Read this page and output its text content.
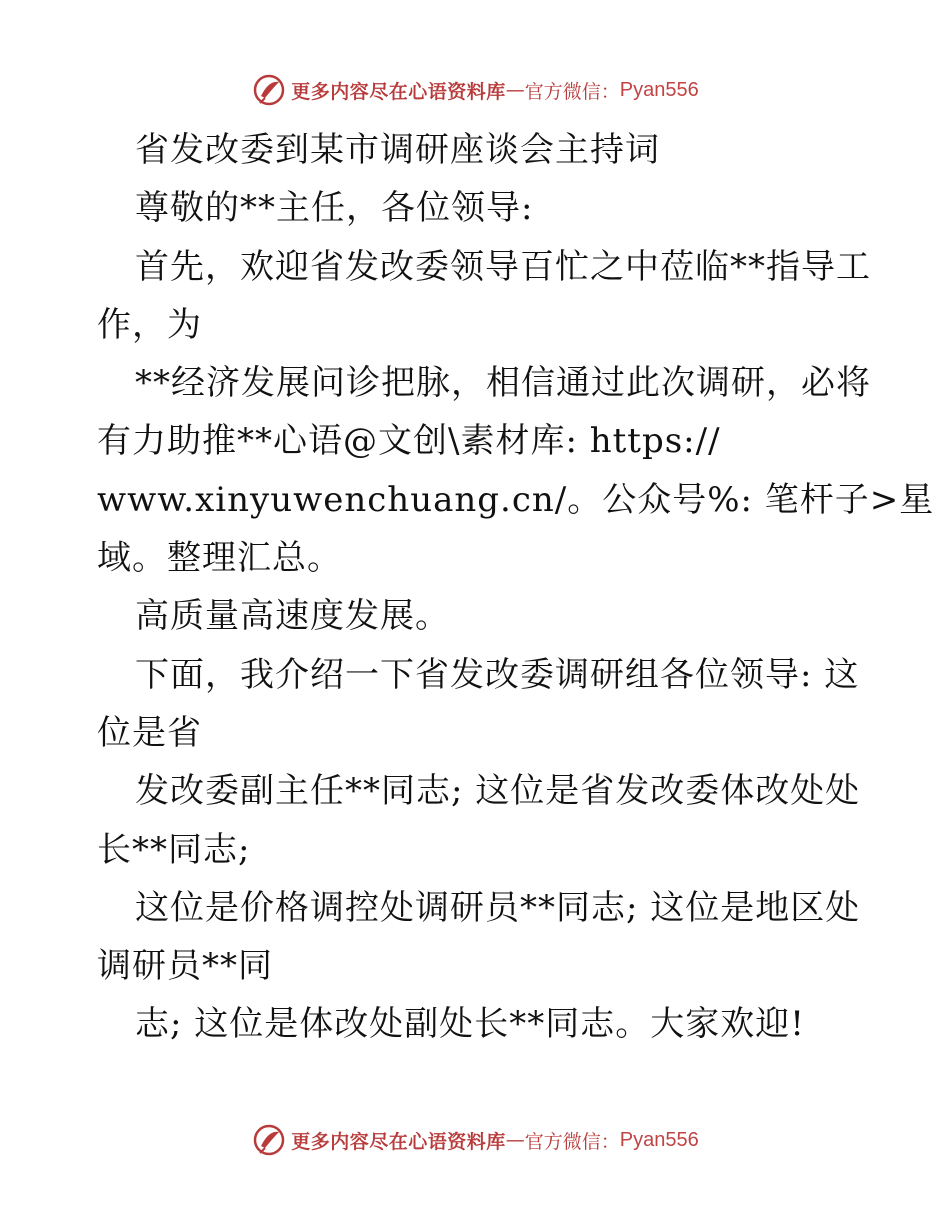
更多内容尽在心语资料库 — 官方微信： Pyan556
省发改委到某市调研座谈会主持词
尊敬的**主任，各位领导:
首先，欢迎省发改委领导百忙之中莅临**指导工
作，为
**经济发展问诊把脉，相信通过此次调研，必将
有力助推**心语@文创\素材库: https://
www.xinyuwenchuang.cn/。公众号%: 笔杆子>星
域。整理汇总。
高质量高速度发展。
下面，我介绍一下省发改委调研组各位领导: 这
位是省
发改委副主任**同志; 这位是省发改委体改处处
长**同志;
这位是价格调控处调研员**同志; 这位是地区处
调研员**同
志; 这位是体改处副处长**同志。大家欢迎!
更多内容尽在心语资料库 — 官方微信： Pyan556
